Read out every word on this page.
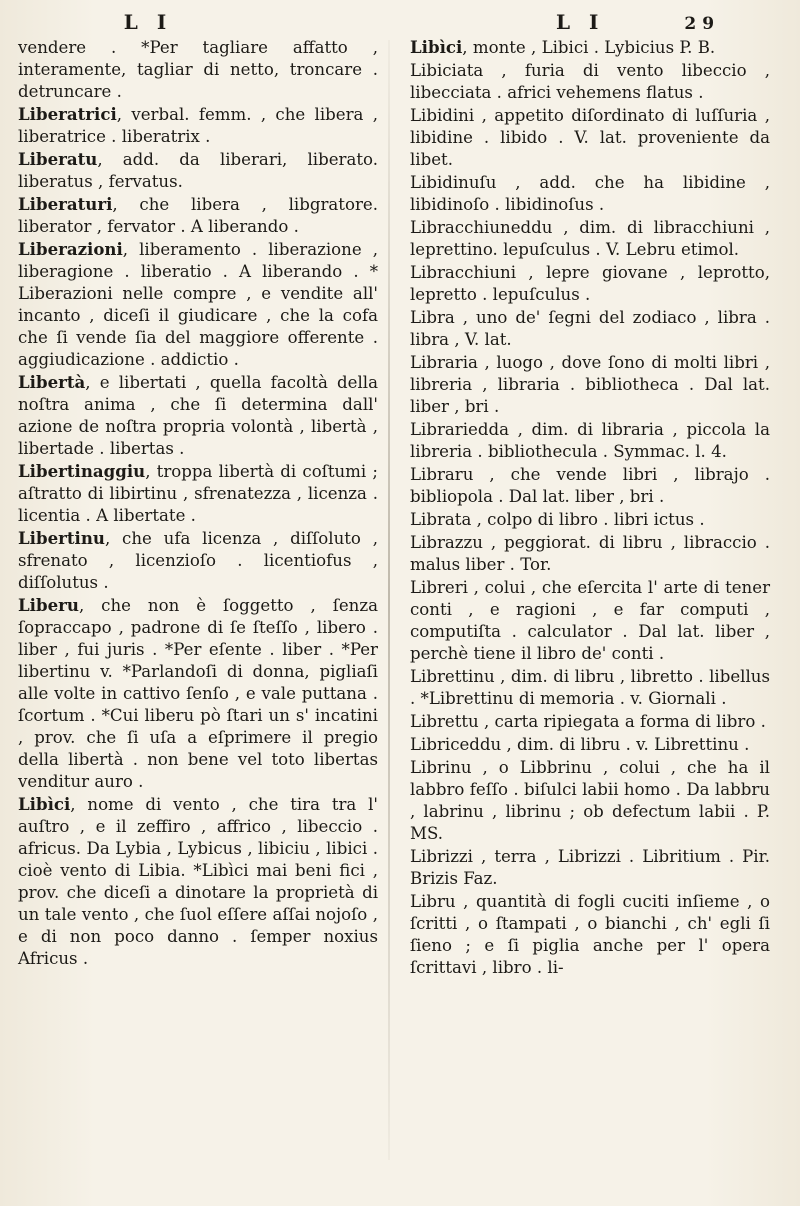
L I

vendere . *Per tagliare affatto , interamente, tagliar di netto, troncare . detruncare .

Liberatrici, verbal. femm. , che libera , liberatrice . liberatrix .

Liberatu, add. da liberari, liberato. liberatus , fervatus.

Liberaturi, che libera , libgratore. liberator , fervator . A liberando .

Liberazioni, liberamento . liberazione , liberagione . liberatio . A liberando . * Liberazioni nelle compre , e vendite all' incanto , diceſi il giudicare , che la cofa che ſi vende ſia del maggiore offerente . aggiudicazione . addictio .

Libertà, e libertati , quella facoltà della noſtra anima , che ſi determina dall' azione de noſtra propria volontà , libertà , libertade . libertas .

Libertinaggiu, troppa libertà di coſtumi ; aſtratto di libirtinu , sfrenatezza , licenza . licentia . A libertate .

Libertinu, che ufa licenza , diſſoluto , sfrenato , licenzioſo . licentiofus , diſſolutus .

Liberu, che non è ſoggetto , ſenza ſopraccapo , padrone di ſe ſteſſo , libero . liber , fui juris . *Per eſente . liber . *Per libertinu v. *Parlandoſi di donna, pigliaſi alle volte in cattivo ſenſo , e vale puttana . ſcortum . *Cui liberu pò ſtari un s' incatini , prov. che ſi uſa a eſprimere il pregio della libertà . non bene vel toto libertas venditur auro .

Libìci, nome di vento , che tira tra l' auſtro , e il zeffiro , affrico , libeccio . africus. Da Lybia , Lybicus , libiciu , libici . cioè vento di Libia. *Libìci mai beni fici , prov. che diceſi a dinotare la proprietà di un tale vento , che ſuol eſſere aſſai nojoſo , e di non poco danno . ſemper noxius Africus .

L I	29

Libìci, monte , Libici . Lybicius P. B.

Libiciata , furia di vento libeccio , libecciata . africi vehemens flatus .

Libidini , appetito diſordinato di luſſuria , libidine . libido . V. lat. proveniente da libet.

Libidinuſu , add. che ha libidine , libidinoſo . libidinoſus .

Libracchiuneddu , dim. di libracchiuni , leprettino. lepuſculus . V. Lebru etimol.

Libracchiuni , lepre giovane , leprotto, lepretto . lepuſculus .

Libra , uno de' ſegni del zodiaco , libra . libra , V. lat.

Libraria , luogo , dove ſono di molti libri , libreria , libraria . bibliotheca . Dal lat. liber , bri .

Librariedda , dim. di libraria , piccola la libreria . bibliothecula . Symmac. l. 4.

Libraru , che vende libri , librajo . bibliopola . Dal lat. liber , bri .

Librata , colpo di libro . libri ictus .

Librazzu , peggiorat. di libru , libraccio . malus liber . Tor.

Libreri , colui , che eſercita l' arte di tener conti , e ragioni , e far computi , computiſta . calculator . Dal lat. liber , perchè tiene il libro de' conti .

Librettinu , dim. di libru , libretto . libellus . *Librettinu di memoria . v. Giornali .

Librettu , carta ripiegata a forma di libro .

Libriceddu , dim. di libru . v. Librettinu .

Librinu , o Libbrinu , colui , che ha il labbro feſſo . biſulci labii homo . Da labbru , labrinu , librinu ; ob defectum labii . P. MS.

Librizzi , terra , Librizzi . Libritium . Pir. Brizis Faz.

Libru , quantità di fogli cuciti inſieme , o ſcritti , o ſtampati , o bianchi , ch' egli ſi ſieno ; e ſi piglia anche per l' opera ſcrittavi , libro . li-
